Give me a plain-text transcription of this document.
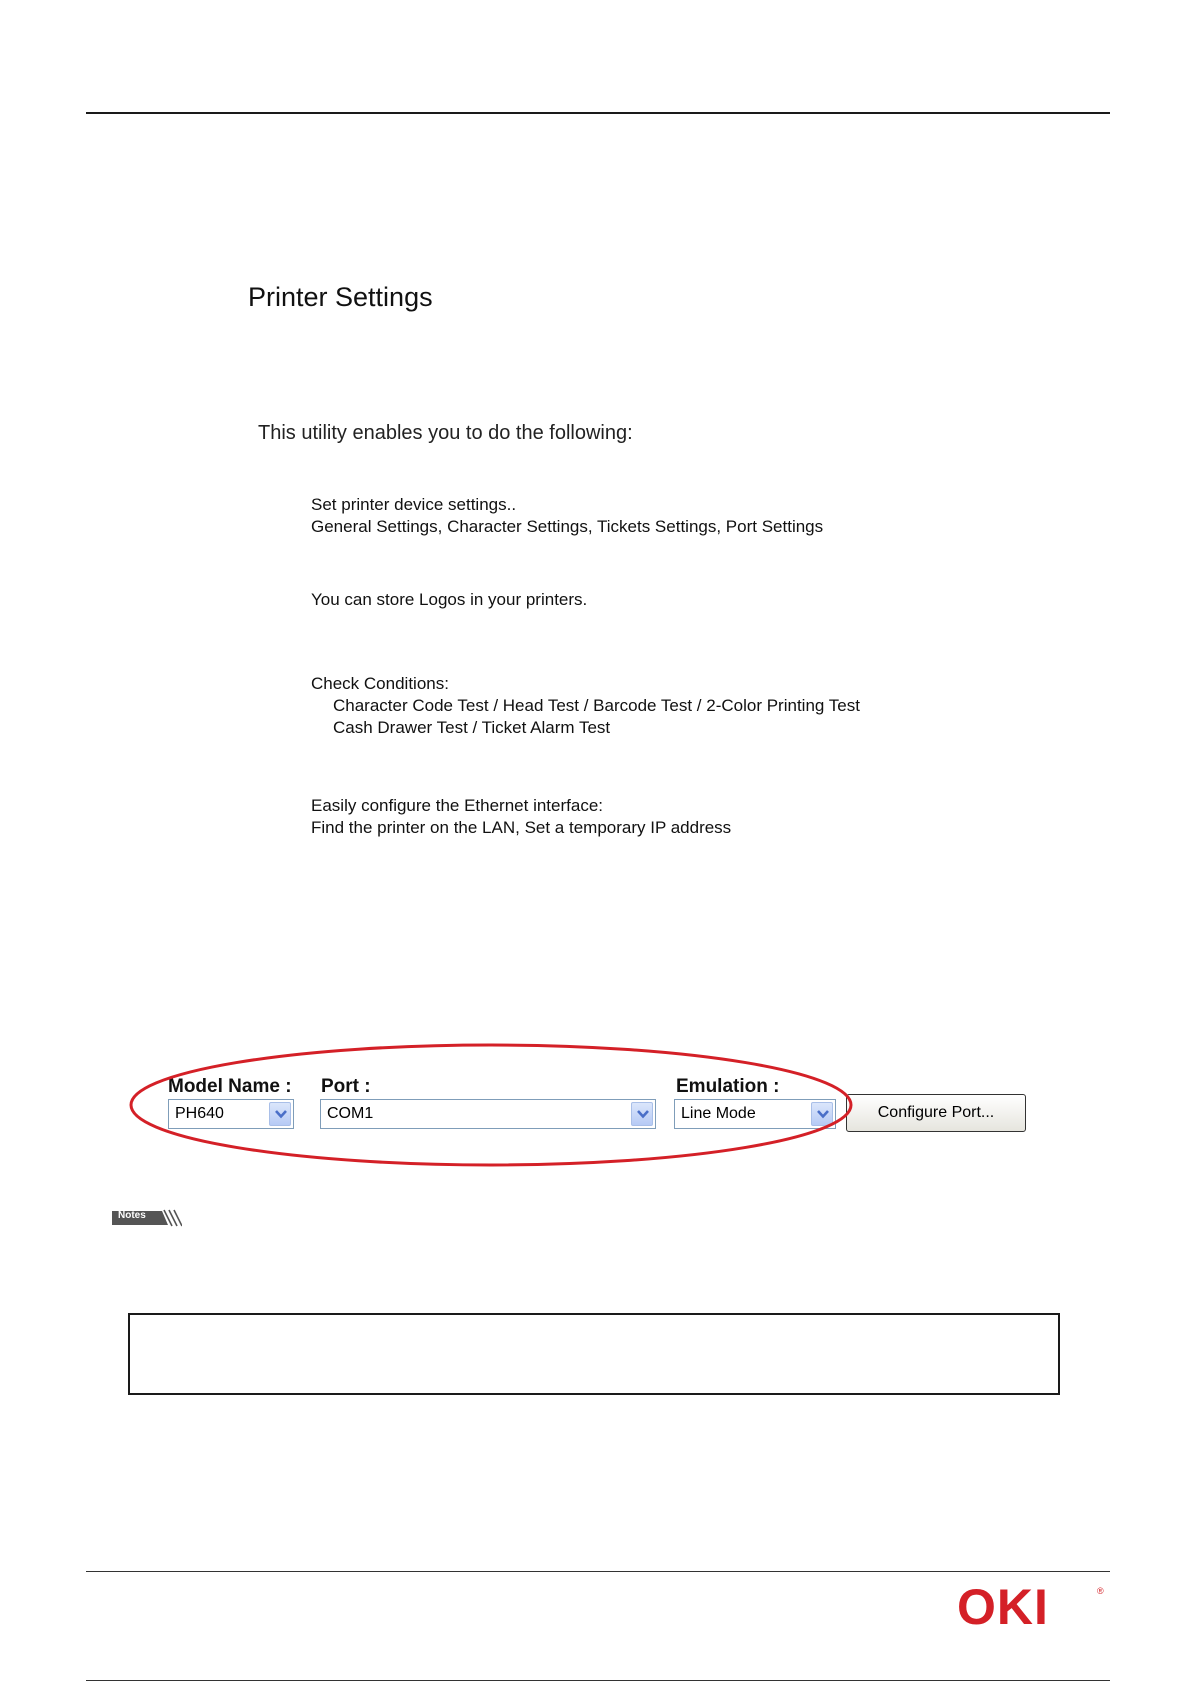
Printer Settings
This utility enables you to do the following:
Set printer device settings..
General Settings, Character Settings, Tickets Settings, Port Settings
You can store Logos in your printers.
Check Conditions:
Character Code Test / Head Test / Barcode Test / 2-Color Printing Test
Cash Drawer Test / Ticket Alarm Test
Easily configure the Ethernet interface:
Find the printer on the LAN, Set a temporary IP address
Model Name :
PH640
Port :
COM1
Emulation :
Line Mode	Configure Port...
Notes
OKI	®
